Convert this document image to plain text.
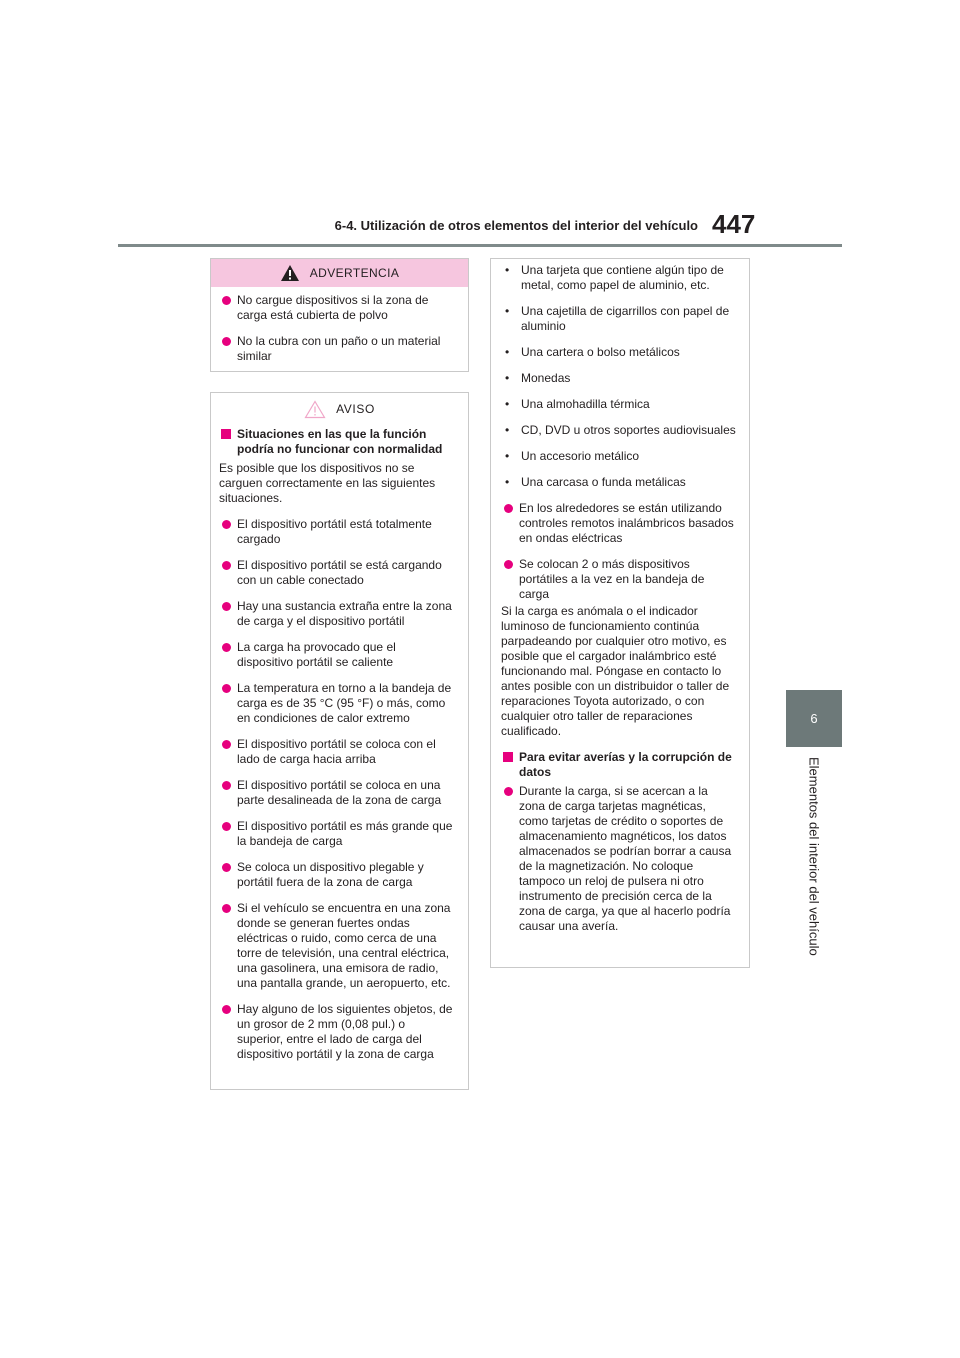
6-4. Utilización de otros elementos del interior del vehículo 447
6
Elementos del interior del vehículo
ADVERTENCIA

No cargue dispositivos si la zona de carga está cubierta de polvo

No la cubra con un paño o un material similar

AVISO

Situaciones en las que la función podría no funcionar con normalidad

Es posible que los dispositivos no se carguen correctamente en las siguientes situaciones.

El dispositivo portátil está totalmente cargado

El dispositivo portátil se está cargando con un cable conectado

Hay una sustancia extraña entre la zona de carga y el dispositivo portátil

La carga ha provocado que el dispositivo portátil se caliente

La temperatura en torno a la bandeja de carga es de 35 °C (95 °F) o más, como en condiciones de calor extremo

El dispositivo portátil se coloca con el lado de carga hacia arriba

El dispositivo portátil se coloca en una parte desalineada de la zona de carga

El dispositivo portátil es más grande que la bandeja de carga

Se coloca un dispositivo plegable y portátil fuera de la zona de carga

Si el vehículo se encuentra en una zona donde se generan fuertes ondas eléctricas o ruido, como cerca de una torre de televisión, una central eléctrica, una gasolinera, una emisora de radio, una pantalla grande, un aeropuerto, etc.

Hay alguno de los siguientes objetos, de un grosor de 2 mm (0,08 pul.) o superior, entre el lado de carga del dispositivo portátil y la zona de carga

• Una tarjeta que contiene algún tipo de metal, como papel de aluminio, etc.

• Una cajetilla de cigarrillos con papel de aluminio

• Una cartera o bolso metálicos

• Monedas

• Una almohadilla térmica

• CD, DVD u otros soportes audiovisuales

• Un accesorio metálico

• Una carcasa o funda metálicas

En los alrededores se están utilizando controles remotos inalámbricos basados en ondas eléctricas

Se colocan 2 o más dispositivos portátiles a la vez en la bandeja de carga

Si la carga es anómala o el indicador luminoso de funcionamiento continúa parpadeando por cualquier otro motivo, es posible que el cargador inalámbrico esté funcionando mal. Póngase en contacto lo antes posible con un distribuidor o taller de reparaciones Toyota autorizado, o con cualquier otro taller de reparaciones cualificado.

Para evitar averías y la corrupción de datos

Durante la carga, si se acercan a la zona de carga tarjetas magnéticas, como tarjetas de crédito o soportes de almacenamiento magnéticos, los datos almacenados se podrían borrar a causa de la magnetización. No coloque tampoco un reloj de pulsera ni otro instrumento de precisión cerca de la zona de carga, ya que al hacerlo podría causar una avería.
